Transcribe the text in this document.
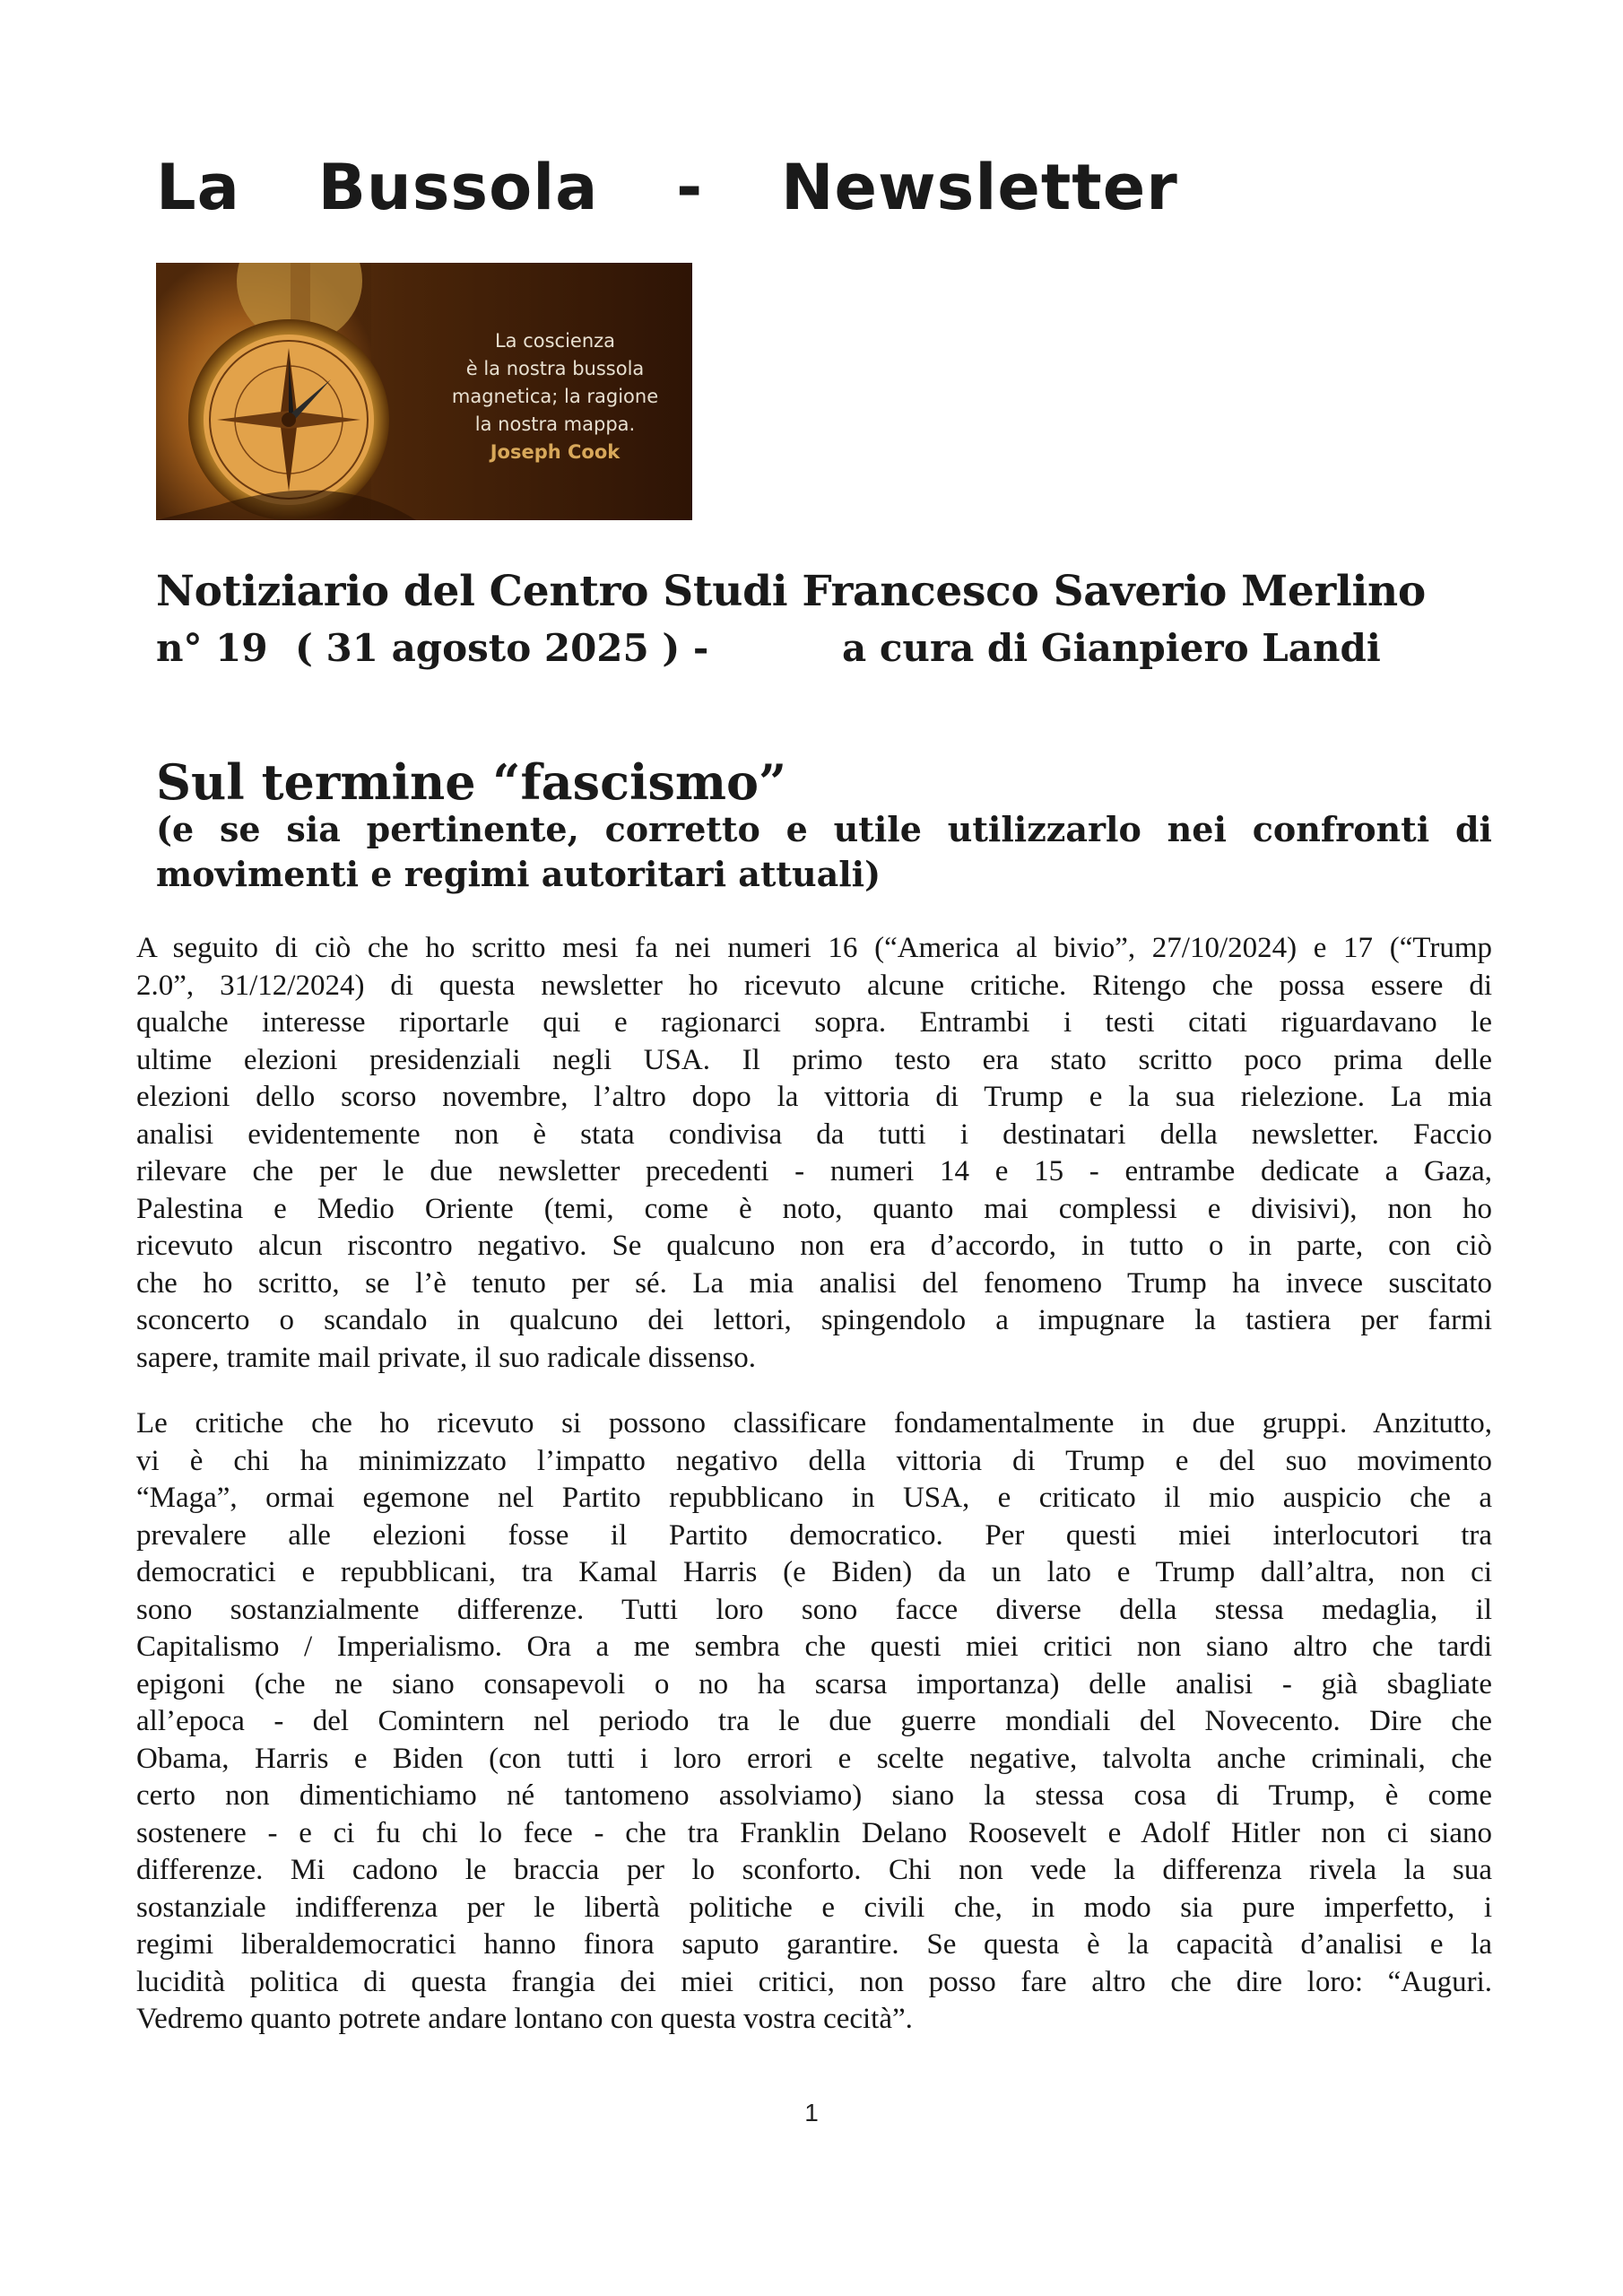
La  Bussola  -  Newsletter
La coscienza
è la nostra bussola
magnetica; la ragione
la nostra mappa.
Joseph Cook
Notiziario del Centro Studi Francesco Saverio Merlino
n° 19 ( 31 agosto 2025 ) -	a cura di Gianpiero Landi
Sul termine “fascismo”
(e se sia pertinente, corretto e utile utilizzarlo nei confronti di
movimenti e regimi autoritari attuali)
A seguito di ciò che ho scritto mesi fa nei numeri 16 (“America al bivio”, 27/10/2024) e 17 (“Trump
2.0”, 31/12/2024) di questa newsletter ho ricevuto alcune critiche. Ritengo che possa essere di
qualche interesse riportarle qui e ragionarci sopra. Entrambi i testi citati riguardavano le
ultime elezioni presidenziali negli USA. Il primo testo era stato scritto poco prima delle
elezioni dello scorso novembre, l’altro dopo la vittoria di Trump e la sua rielezione. La mia
analisi evidentemente non è stata condivisa da tutti i destinatari della newsletter. Faccio
rilevare che per le due newsletter precedenti - numeri 14 e 15 - entrambe dedicate a Gaza,
Palestina e Medio Oriente (temi, come è noto, quanto mai complessi e divisivi), non ho
ricevuto alcun riscontro negativo. Se qualcuno non era d’accordo, in tutto o in parte, con ciò
che ho scritto, se l’è tenuto per sé. La mia analisi del fenomeno Trump ha invece suscitato
sconcerto o scandalo in qualcuno dei lettori, spingendolo a impugnare la tastiera per farmi
sapere, tramite mail private, il suo radicale dissenso.
Le critiche che ho ricevuto si possono classificare fondamentalmente in due gruppi. Anzitutto,
vi è chi ha minimizzato l’impatto negativo della vittoria di Trump e del suo movimento
“Maga”, ormai egemone nel Partito repubblicano in USA, e criticato il mio auspicio che a
prevalere alle elezioni fosse il Partito democratico. Per questi miei interlocutori tra
democratici e repubblicani, tra Kamal Harris (e Biden) da un lato e Trump dall’altra, non ci
sono sostanzialmente differenze. Tutti loro sono facce diverse della stessa medaglia, il
Capitalismo / Imperialismo. Ora a me sembra che questi miei critici non siano altro che tardi
epigoni (che ne siano consapevoli o no ha scarsa importanza) delle analisi - già sbagliate
all’epoca - del Comintern nel periodo tra le due guerre mondiali del Novecento. Dire che
Obama, Harris e Biden (con tutti i loro errori e scelte negative, talvolta anche criminali, che
certo non dimentichiamo né tantomeno assolviamo) siano la stessa cosa di Trump, è come
sostenere - e ci fu chi lo fece - che tra Franklin Delano Roosevelt e Adolf Hitler non ci siano
differenze. Mi cadono le braccia per lo sconforto. Chi non vede la differenza rivela la sua
sostanziale indifferenza per le libertà politiche e civili che, in modo sia pure imperfetto, i
regimi liberaldemocratici hanno finora saputo garantire. Se questa è la capacità d’analisi e la
lucidità politica di questa frangia dei miei critici, non posso fare altro che dire loro: “Auguri.
Vedremo quanto potrete andare lontano con questa vostra cecità”.
1
